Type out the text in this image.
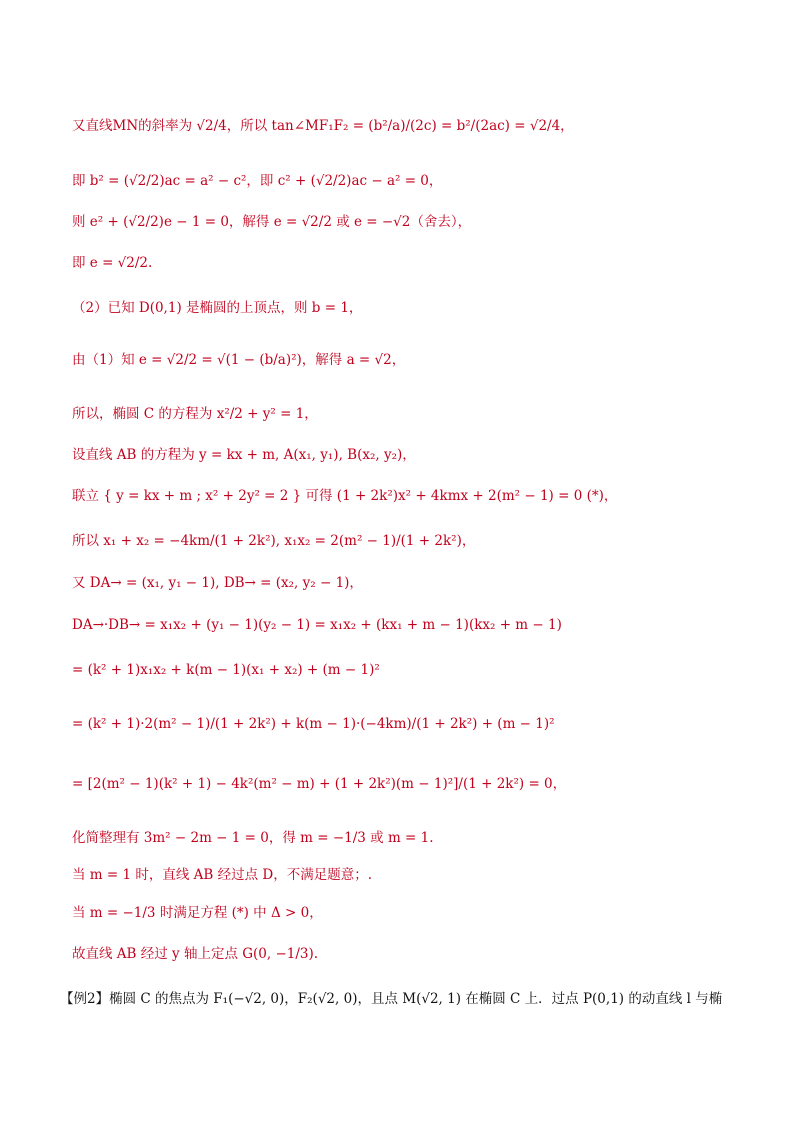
又直线MN的斜率为 √2/4，所以 tan∠MF₁F₂ = (b²/a)/(2c) = b²/(2ac) = √2/4，
即 b² = (√2/2)ac = a² − c²，即 c² + (√2/2)ac − a² = 0，
则 e² + (√2/2)e − 1 = 0，解得 e = √2/2 或 e = −√2（舍去），
即 e = √2/2.
（2）已知 D(0,1) 是椭圆的上顶点，则 b = 1，
由（1）知 e = √2/2 = √(1 − (b/a)²)，解得 a = √2，
所以，椭圆 C 的方程为 x²/2 + y² = 1，
设直线 AB 的方程为 y = kx + m, A(x₁, y₁), B(x₂, y₂)，
联立 { y = kx + m ; x² + 2y² = 2 } 可得 (1 + 2k²)x² + 4kmx + 2(m² − 1) = 0 (*)，
所以 x₁ + x₂ = −4km/(1 + 2k²), x₁x₂ = 2(m² − 1)/(1 + 2k²)，
又 DA→ = (x₁, y₁ − 1), DB→ = (x₂, y₂ − 1)，
DA→·DB→ = x₁x₂ + (y₁ − 1)(y₂ − 1) = x₁x₂ + (kx₁ + m − 1)(kx₂ + m − 1)
= (k² + 1)x₁x₂ + k(m − 1)(x₁ + x₂) + (m − 1)²
= (k² + 1)·2(m² − 1)/(1 + 2k²) + k(m − 1)·(−4km)/(1 + 2k²) + (m − 1)²
= [2(m² − 1)(k² + 1) − 4k²(m² − m) + (1 + 2k²)(m − 1)²]/(1 + 2k²) = 0，
化简整理有 3m² − 2m − 1 = 0，得 m = −1/3 或 m = 1.
当 m = 1 时，直线 AB 经过点 D，不满足题意；.
当 m = −1/3 时满足方程 (*) 中 Δ > 0，
故直线 AB 经过 y 轴上定点 G(0, −1/3).
【例2】椭圆 C 的焦点为 F₁(−√2, 0)，F₂(√2, 0)，且点 M(√2, 1) 在椭圆 C 上．过点 P(0,1) 的动直线 l 与椭
